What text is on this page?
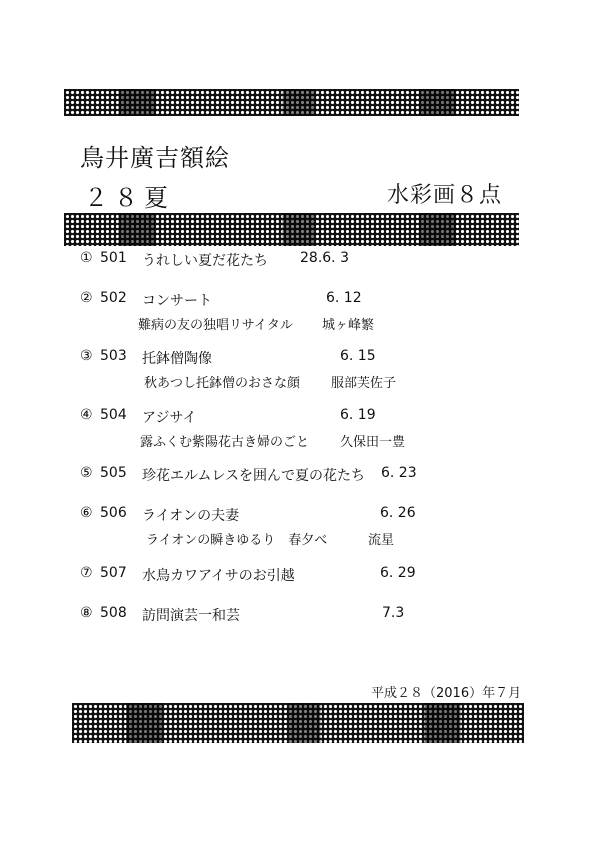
鳥井廣吉額絵
２８夏	水彩画８点
① 501 うれしい夏だ花たち 28.6. 3
② 502 コンサート	6. 12
難病の友の独唱リサイタル 城ヶ峰繁
③ 503 托鉢僧陶像	6. 15
秋あつし托鉢僧のおさな顔 服部芙佐子
④ 504 アジサイ	6. 19
露ふくむ紫陽花古き婦のごと 久保田一豊
⑤ 505 珍花エルムレスを囲んで夏の花たち 6. 23
⑥ 506 ライオンの夫妻	6. 26
ライオンの瞬きゆるり　春夕べ	流星
⑦ 507 水鳥カワアイサのお引越	6. 29
⑧ 508 訪問演芸一和芸	7.3
平成２８（2016）年７月
